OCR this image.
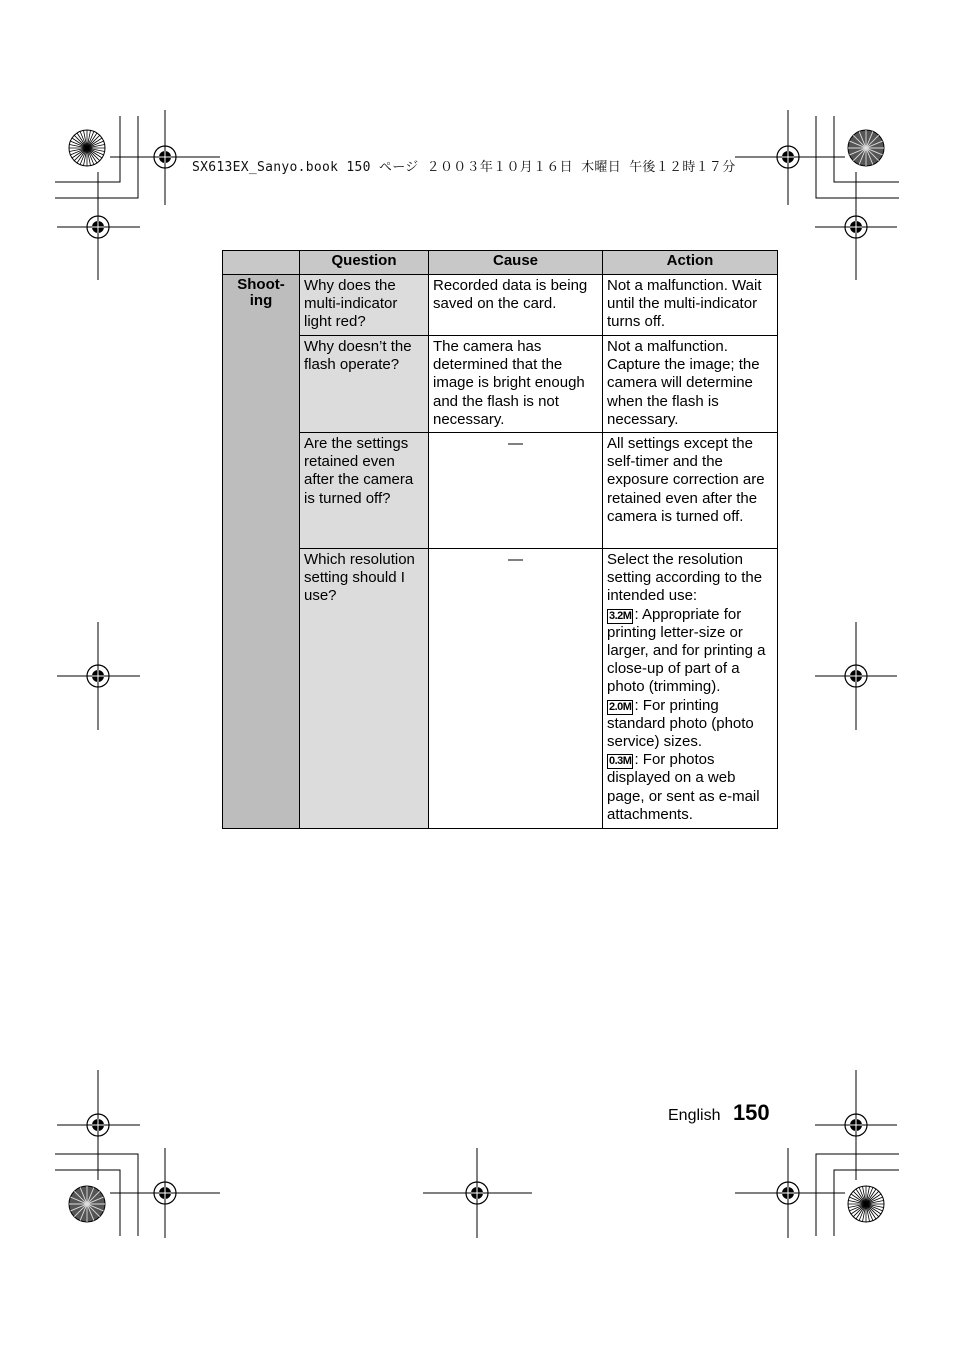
SX613EX_Sanyo.book 150 ページ ２００３年１０月１６日 木曜日 午後１２時１７分
	Question	Cause	Action
Shoot-
ing	Why does the multi-indicator light red?	Recorded data is being saved on the card.	Not a malfunction. Wait until the multi-indicator turns off.
	Why doesn’t the flash operate?	The camera has determined that the image is bright enough and the flash is not necessary.	Not a malfunction. Capture the image; the camera will determine when the flash is necessary.
	Are the settings retained even after the camera is turned off?	—	All settings except the self-timer and the exposure correction are retained even after the camera is turned off.
	Which resolution setting should I use?	—	Select the resolution setting according to the intended use:
3.2M : Appropriate for printing letter-size or larger, and for printing a close-up of part of a photo (trimming).
2.0M : For printing standard photo (photo service) sizes.
0.3M : For photos displayed on a web page, or sent as e-mail attachments.
English 150
